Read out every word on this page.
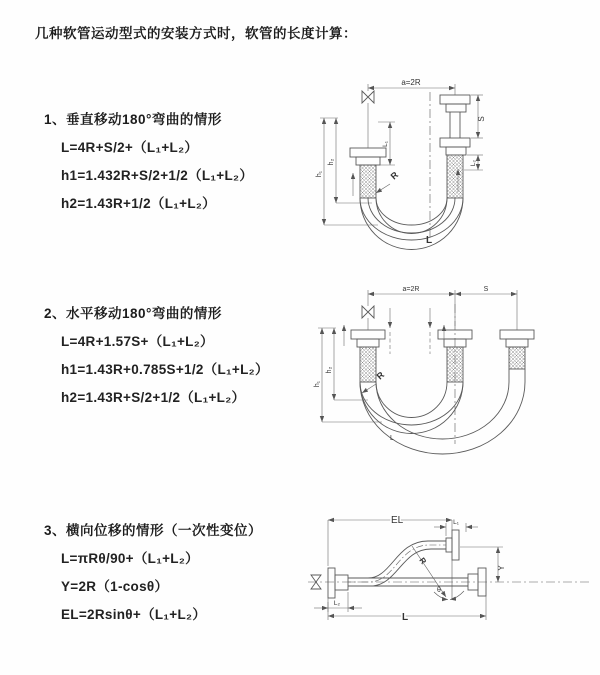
几种软管运动型式的安装方式时，软管的长度计算：
1、垂直移动180°弯曲的情形
L=4R+S/2+（L₁+L₂）
h1=1.432R+S/2+1/2（L₁+L₂）
h2=1.43R+1/2（L₁+L₂）
2、水平移动180°弯曲的情形
L=4R+1.57S+（L₁+L₂）
h1=1.43R+0.785S+1/2（L₁+L₂）
h2=1.43R+S/2+1/2（L₁+L₂）
3、横向位移的情形（一次性变位）
L=πRθ/90+（L₁+L₂）
Y=2R（1-cosθ）
EL=2Rsinθ+（L₁+L₂）
a=2R
S
L₂
L₁
h₁
h₂
R
L
a=2R	S
h₁
h₂	R
L
EL	L₁
Y
R
θ
L
L₂
